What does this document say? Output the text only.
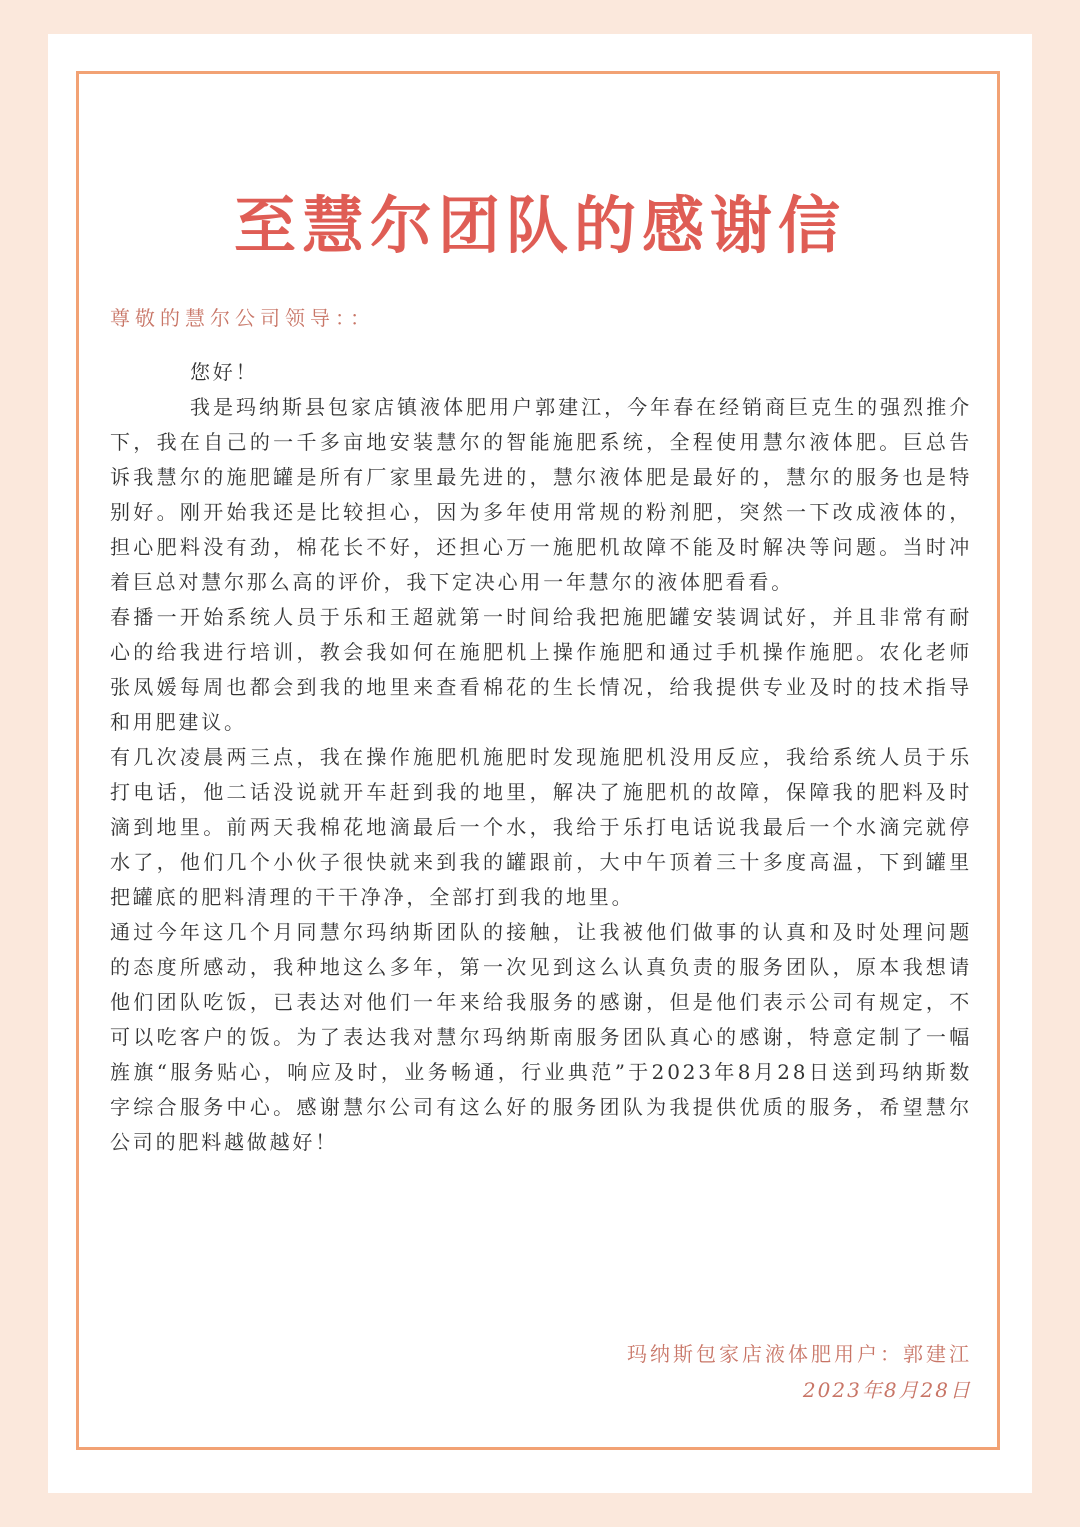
至慧尔团队的感谢信
尊敬的慧尔公司领导：：

您好！

我是玛纳斯县包家店镇液体肥用户郭建江，今年春在经销商巨克生的强烈推介下，我在自己的一千多亩地安装慧尔的智能施肥系统，全程使用慧尔液体肥。巨总告诉我慧尔的施肥罐是所有厂家里最先进的，慧尔液体肥是最好的，慧尔的服务也是特别好。刚开始我还是比较担心，因为多年使用常规的粉剂肥，突然一下改成液体的，担心肥料没有劲，棉花长不好，还担心万一施肥机故障不能及时解决等问题。当时冲着巨总对慧尔那么高的评价，我下定决心用一年慧尔的液体肥看看。

春播一开始系统人员于乐和王超就第一时间给我把施肥罐安装调试好，并且非常有耐心的给我进行培训，教会我如何在施肥机上操作施肥和通过手机操作施肥。农化老师张凤媛每周也都会到我的地里来查看棉花的生长情况，给我提供专业及时的技术指导和用肥建议。

有几次凌晨两三点，我在操作施肥机施肥时发现施肥机没用反应，我给系统人员于乐打电话，他二话没说就开车赶到我的地里，解决了施肥机的故障，保障我的肥料及时滴到地里。前两天我棉花地滴最后一个水，我给于乐打电话说我最后一个水滴完就停水了，他们几个小伙子很快就来到我的罐跟前，大中午顶着三十多度高温，下到罐里把罐底的肥料清理的干干净净，全部打到我的地里。

通过今年这几个月同慧尔玛纳斯团队的接触，让我被他们做事的认真和及时处理问题的态度所感动，我种地这么多年，第一次见到这么认真负责的服务团队，原本我想请他们团队吃饭，已表达对他们一年来给我服务的感谢，但是他们表示公司有规定，不可以吃客户的饭。为了表达我对慧尔玛纳斯南服务团队真心的感谢，特意定制了一幅旌旗“服务贴心，响应及时，业务畅通，行业典范”于2023年8月28日送到玛纳斯数字综合服务中心。感谢慧尔公司有这么好的服务团队为我提供优质的服务，希望慧尔公司的肥料越做越好！

玛纳斯包家店液体肥用户：郭建江
2023年8月28日
